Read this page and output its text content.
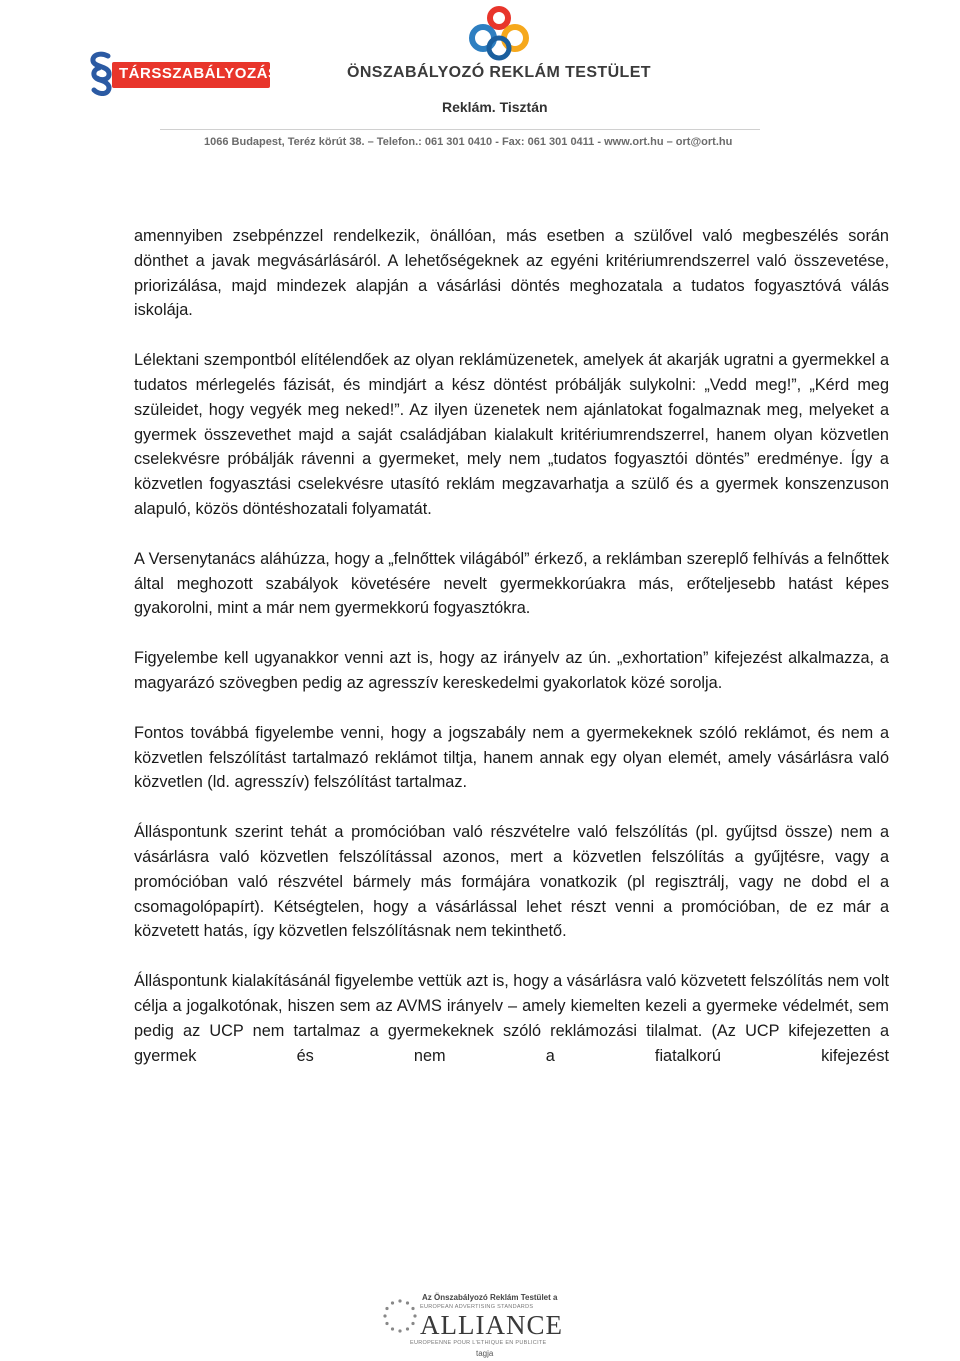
TÁRSSZABÁLYOZÁS	ÖNSZABÁLYOZÓ REKLÁM TESTÜLET
Reklám. Tisztán
1066 Budapest, Teréz körút 38. – Telefon.: 061 301 0410 - Fax: 061 301 0411 - www.ort.hu – ort@ort.hu

amennyiben zsebpénzzel rendelkezik, önállóan, más esetben a szülővel való megbeszélés során dönthet a javak megvásárlásáról. A lehetőségeknek az egyéni kritériumrendszerrel való összevetése, priorizálása, majd mindezek alapján a vásárlási döntés meghozatala a tudatos fogyasztóvá válás iskolája.

Lélektani szempontból elítélendőek az olyan reklámüzenetek, amelyek át akarják ugratni a gyermekkel a tudatos mérlegelés fázisát, és mindjárt a kész döntést próbálják sulykolni: „Vedd meg!”, „Kérd meg szüleidet, hogy vegyék meg neked!”. Az ilyen üzenetek nem ajánlatokat fogalmaznak meg, melyeket a gyermek összevethet majd a saját családjában kialakult kritériumrendszerrel, hanem olyan közvetlen cselekvésre próbálják rávenni a gyermeket, mely nem „tudatos fogyasztói döntés” eredménye. Így a közvetlen fogyasztási cselekvésre utasító reklám megzavarhatja a szülő és a gyermek konszenzuson alapuló, közös döntéshozatali folyamatát.

A Versenytanács aláhúzza, hogy a „felnőttek világából” érkező, a reklámban szereplő felhívás a felnőttek által meghozott szabályok követésére nevelt gyermekkorúakra más, erőteljesebb hatást képes gyakorolni, mint a már nem gyermekkorú fogyasztókra.

Figyelembe kell ugyanakkor venni azt is, hogy az irányelv az ún. „exhortation” kifejezést alkalmazza, a magyarázó szövegben pedig az agresszív kereskedelmi gyakorlatok közé sorolja.

Fontos továbbá figyelembe venni, hogy a jogszabály nem a gyermekeknek szóló reklámot, és nem a közvetlen felszólítást tartalmazó reklámot tiltja, hanem annak egy olyan elemét, amely vásárlásra való közvetlen (ld. agresszív) felszólítást tartalmaz.

Álláspontunk szerint tehát a promócióban való részvételre való felszólítás (pl. gyűjtsd össze) nem a vásárlásra való közvetlen felszólítással azonos, mert a közvetlen felszólítás a gyűjtésre, vagy a promócióban való részvétel bármely más formájára vonatkozik (pl regisztrálj, vagy ne dobd el a csomagolópapírt). Kétségtelen, hogy a vásárlással lehet részt venni a promócióban, de ez már a közvetett hatás, így közvetlen felszólításnak nem tekinthető.

Álláspontunk kialakításánál figyelembe vettük azt is, hogy a vásárlásra való közvetett felszólítás nem volt célja a jogalkotónak, hiszen sem az AVMS irányelv – amely kiemelten kezeli a gyermeke védelmét, sem pedig az UCP nem tartalmaz a gyermekeknek szóló reklámozási tilalmat. (Az UCP kifejezetten a gyermek és nem a fiatalkorú kifejezést

Az Önszabályozó Reklám Testület a
EUROPEAN ADVERTISING STANDARDS
ALLIANCE
EUROPEENNE POUR L'ETHIQUE EN PUBLICITE
tagja
